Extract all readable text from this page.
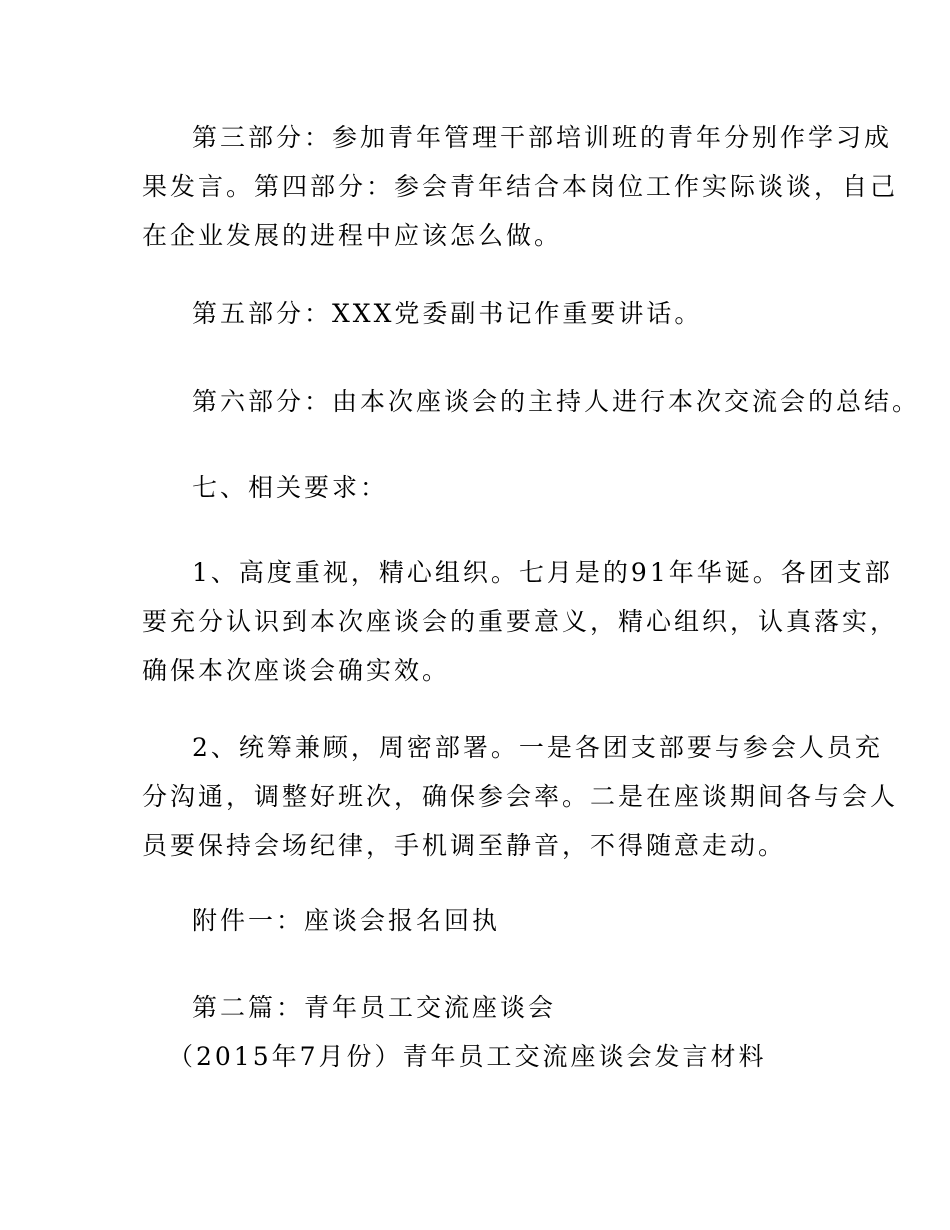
第三部分：参加青年管理干部培训班的青年分别作学习成
果发言。第四部分：参会青年结合本岗位工作实际谈谈，自己
在企业发展的进程中应该怎么做。
第五部分：XXX党委副书记作重要讲话。
第六部分：由本次座谈会的主持人进行本次交流会的总结。
七、相关要求：
1、高度重视，精心组织。七月是的91年华诞。各团支部
要充分认识到本次座谈会的重要意义，精心组织，认真落实，
确保本次座谈会确实效。
2、统筹兼顾，周密部署。一是各团支部要与参会人员充
分沟通，调整好班次，确保参会率。二是在座谈期间各与会人
员要保持会场纪律，手机调至静音，不得随意走动。
附件一：座谈会报名回执
第二篇：青年员工交流座谈会
（2015年7月份）青年员工交流座谈会发言材料
